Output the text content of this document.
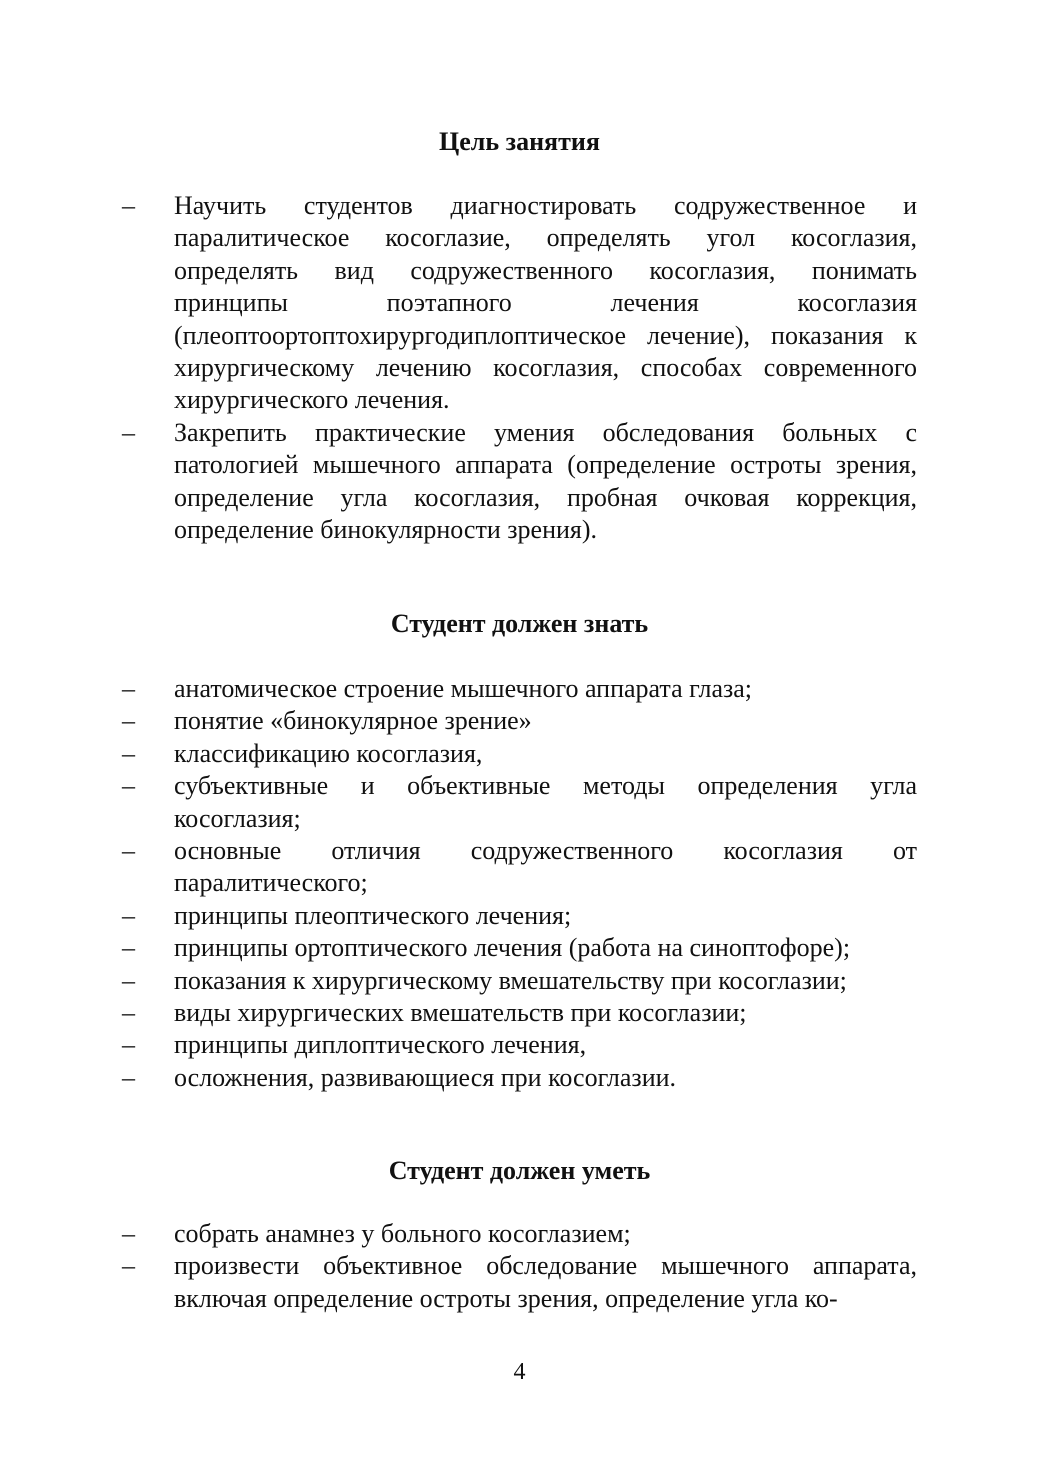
Цель занятия
– Научить студентов диагностировать содружественное и паралитическое косоглазие, определять угол косоглазия, определять вид содружественного косоглазия, понимать принципы поэтапного лечения косоглазия (плеоптоортоптохирургодиплоптическое лечение), показания к хирургическому лечению косоглазия, способах современного хирургического лечения.
– Закрепить практические умения обследования больных с патологией мышечного аппарата (определение остроты зрения, определение угла косоглазия, пробная очковая коррекция, определение бинокулярности зрения).
Студент должен знать
– анатомическое строение мышечного аппарата глаза;
– понятие «бинокулярное зрение»
– классификацию косоглазия,
– субъективные и объективные методы определения угла косоглазия;
– основные отличия содружественного косоглазия от паралитического;
– принципы плеоптического лечения;
– принципы ортоптического лечения (работа на синоптофоре);
– показания к хирургическому вмешательству при косоглазии;
– виды хирургических вмешательств при косоглазии;
– принципы диплоптического лечения,
– осложнения, развивающиеся при косоглазии.
Студент должен уметь
– собрать анамнез у больного косоглазием;
– произвести объективное обследование мышечного аппарата, включая определение остроты зрения, определение угла ко-
4
